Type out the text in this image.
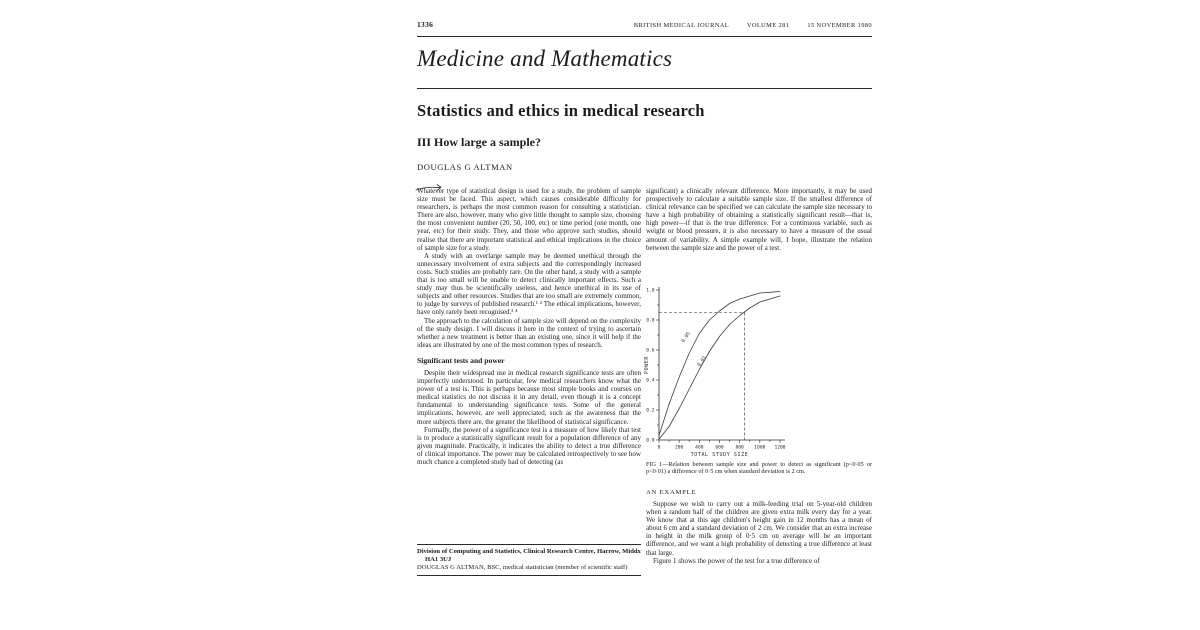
1336	BRITISH MEDICAL JOURNAL	VOLUME 281	15 NOVEMBER 1980
Medicine and Mathematics
Statistics and ethics in medical research
III How large a sample?
DOUGLAS G ALTMAN

Whatever type of statistical design is used for a study, the problem of sample size must be faced. This aspect, which causes considerable difficulty for researchers, is perhaps the most common reason for consulting a statistician. There are also, however, many who give little thought to sample size, choosing the most convenient number (20, 50, 100, etc) or time period (one month, one year, etc) for their study. They, and those who approve such studies, should realise that there are important statistical and ethical implications in the choice of sample size for a study.

A study with an overlarge sample may be deemed unethical through the unnecessary involvement of extra subjects and the correspondingly increased costs. Such studies are probably rare. On the other hand, a study with a sample that is too small will be unable to detect clinically important effects. Such a study may thus be scientifically useless, and hence unethical in its use of subjects and other resources. Studies that are too small are extremely common, to judge by surveys of published research.¹ ² The ethical implications, however, have only rarely been recognised.³ ⁴

The approach to the calculation of sample size will depend on the complexity of the study design. I will discuss it here in the context of trying to ascertain whether a new treatment is better than an existing one, since it will help if the ideas are illustrated by one of the most common types of research.

Significant tests and power

Despite their widespread use in medical research significance tests are often imperfectly understood. In particular, few medical researchers know what the power of a test is. This is perhaps because most simple books and courses on medical statistics do not discuss it in any detail, even though it is a concept fundamental to understanding significance tests. Some of the general implications, however, are well appreciated, such as the awareness that the more subjects there are, the greater the likelihood of statistical significance.

Formally, the power of a significance test is a measure of how likely that test is to produce a statistically significant result for a population difference of any given magnitude. Practically, it indicates the ability to detect a true difference of clinical importance. The power may be calculated retrospectively to see how much chance a completed study had of detecting (as

Division of Computing and Statistics, Clinical Research Centre, Harrow, Middx HA1 3UJ

DOUGLAS G ALTMAN, BSC, medical statistician (member of scientific staff)

significant) a clinically relevant difference. More importantly, it may be used prospectively to calculate a suitable sample size. If the smallest difference of clinical relevance can be specified we can calculate the sample size necessary to have a high probability of obtaining a statistically significant result—that is, high power—if that is the true difference. For a continuous variable, such as weight or blood pressure, it is also necessary to have a measure of the usual amount of variability. A simple example will, I hope, illustrate the relation between the sample size and the power of a test.

0	200	400	600	800 1000 1200
0.0
0.2
0.4
0.6
0.8
1.0
TOTAL STUDY SIZE
POWER
0.05
0.01
FIG 1—Relation between sample size and power to detect as significant (p<0·05 or p<0·01) a difference of 0·5 cm when standard deviation is 2 cm.
AN EXAMPLE

Suppose we wish to carry out a milk-feeding trial on 5-year-old children when a random half of the children are given extra milk every day for a year. We know that at this age children's height gain in 12 months has a mean of about 6 cm and a standard deviation of 2 cm. We consider that an extra increase in height in the milk group of 0·5 cm on average will be an important difference, and we want a high probability of detecting a true difference at least that large.

Figure 1 shows the power of the test for a true difference of
